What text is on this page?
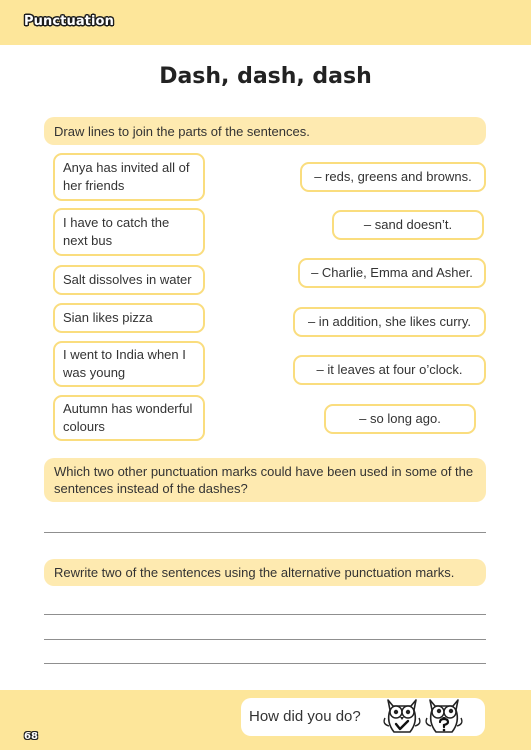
Punctuation
Dash, dash, dash
Draw lines to join the parts of the sentences.
Anya has invited all of her friends
I have to catch the next bus
Salt dissolves in water
Sian likes pizza
I went to India when I was young
Autumn has wonderful colours
– reds, greens and browns.
– sand doesn’t.
– Charlie, Emma and Asher.
– in addition, she likes curry.
– it leaves at four o’clock.
– so long ago.
Which two other punctuation marks could have been used in some of the sentences instead of the dashes?
Rewrite two of the sentences using the alternative punctuation marks.
68
How did you do?
